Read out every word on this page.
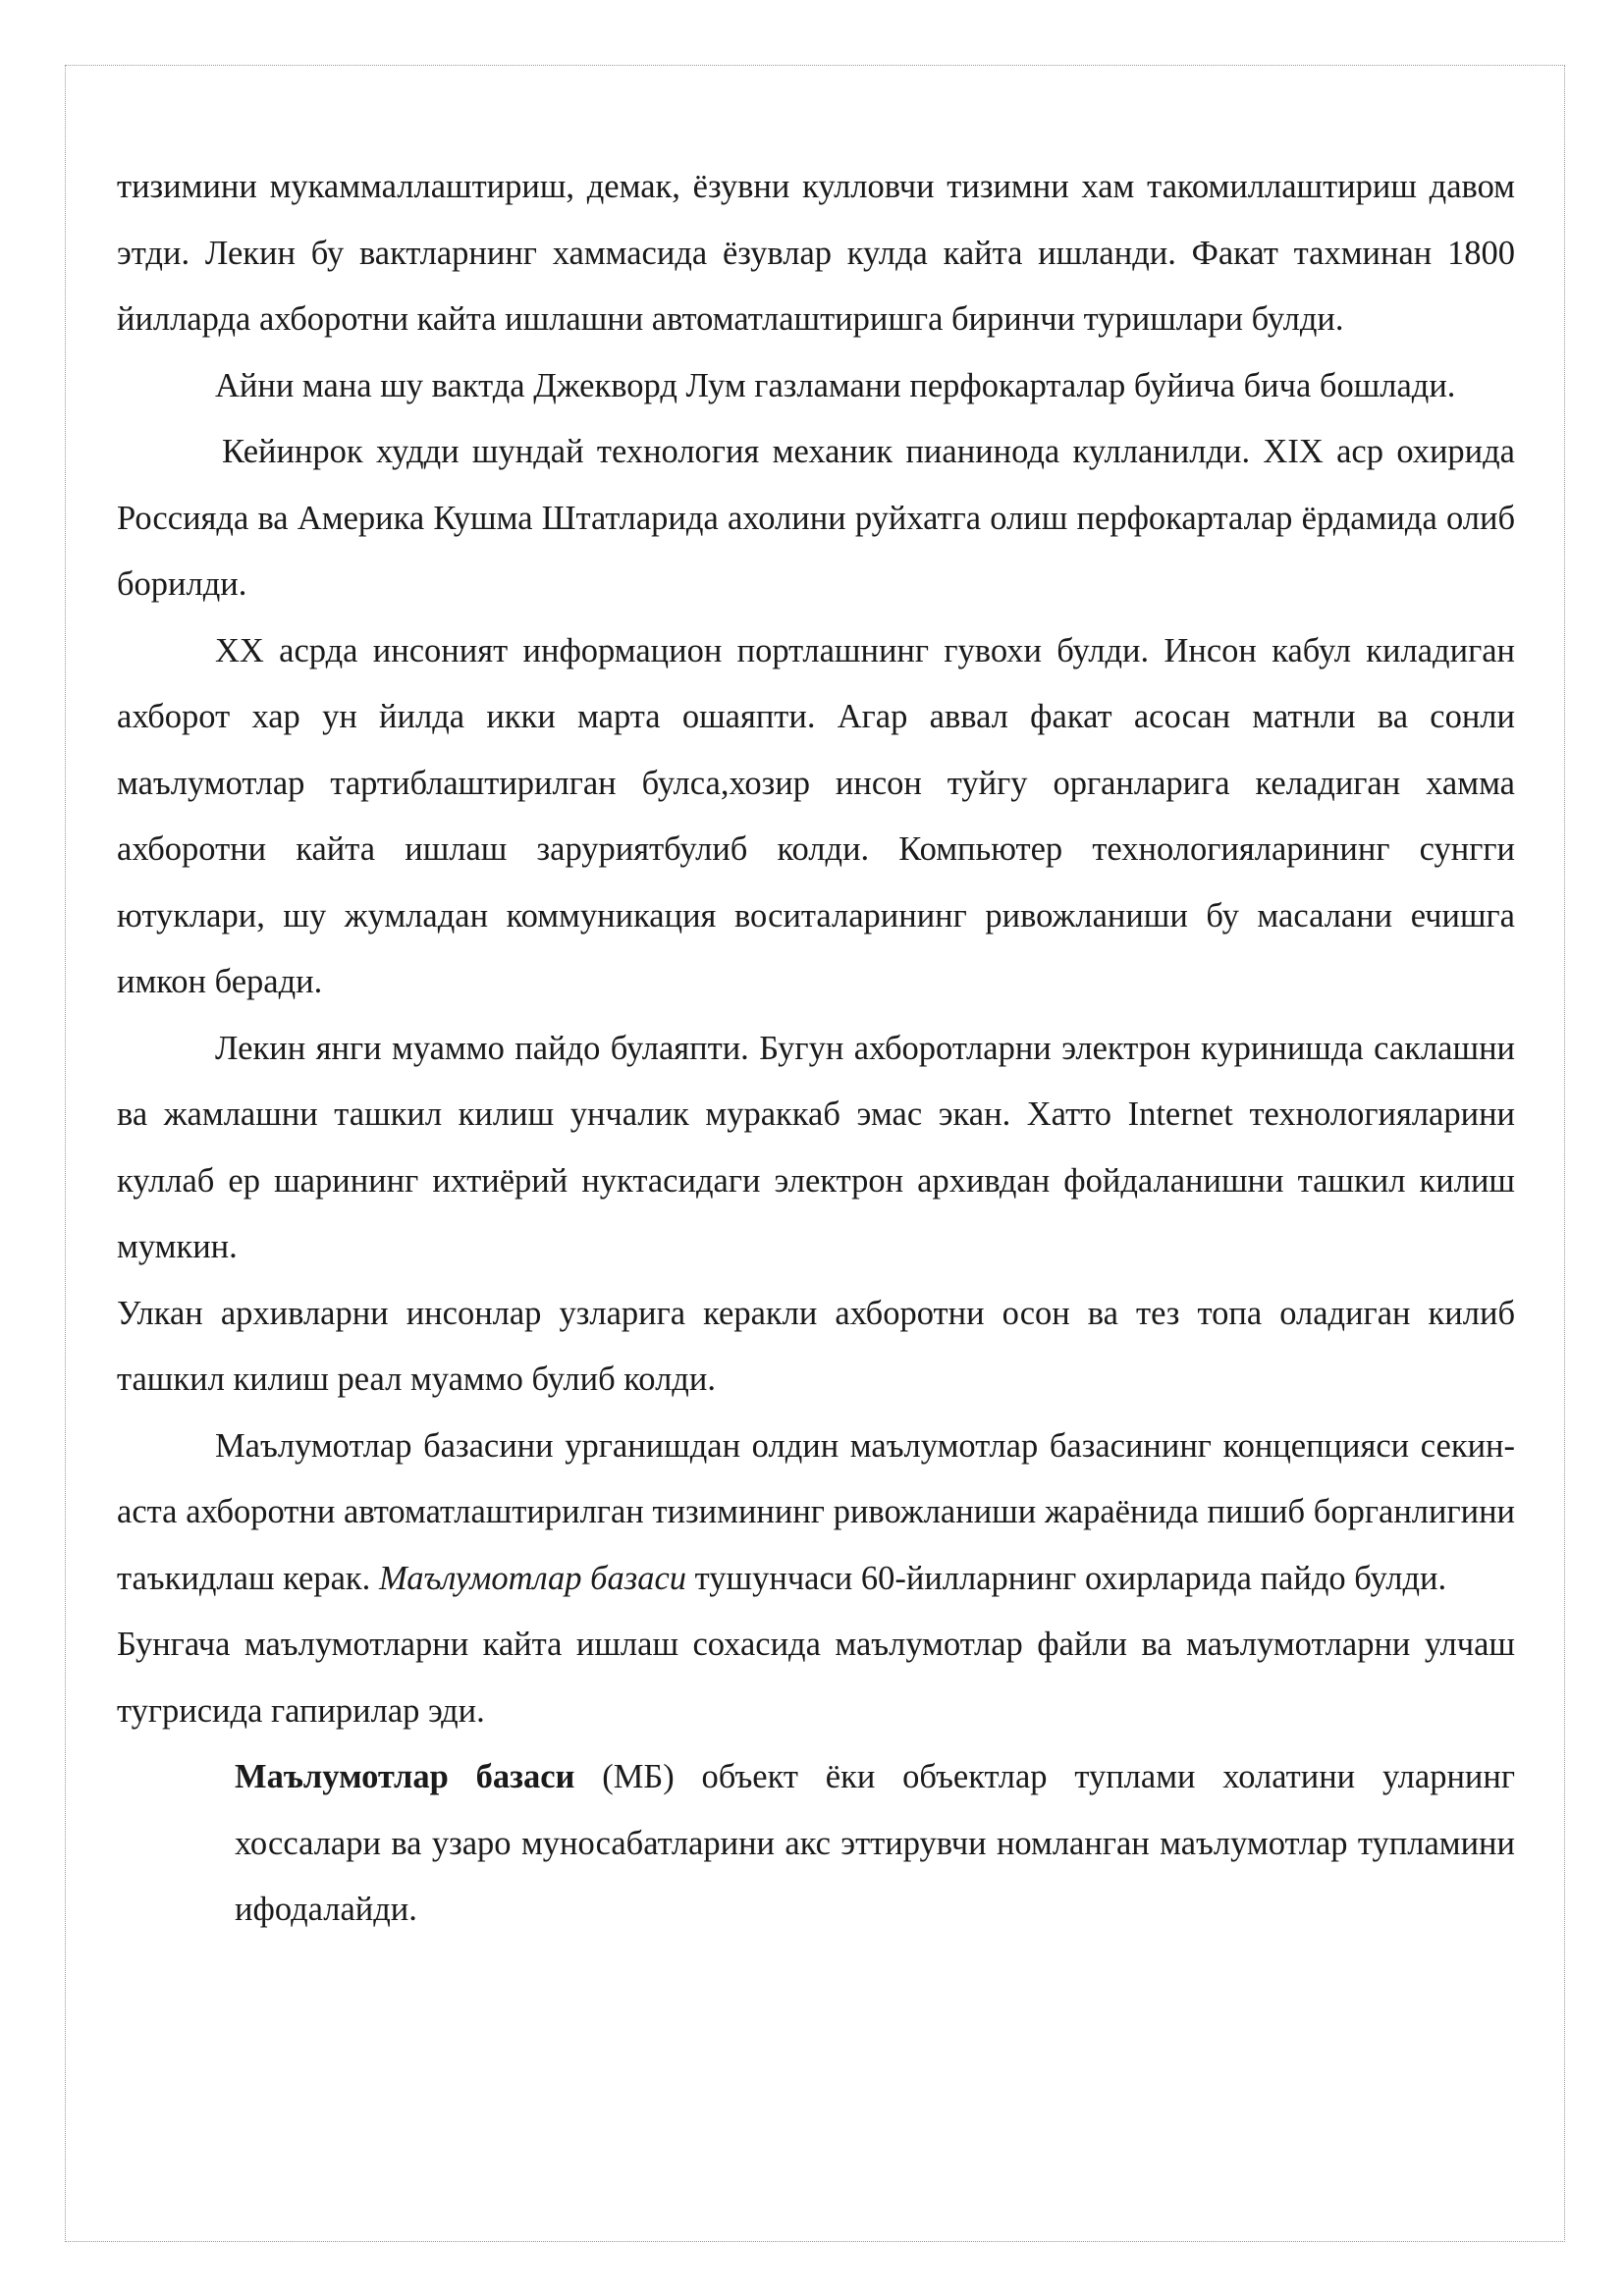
тизимини мукаммаллаштириш, демак, ёзувни кулловчи тизимни хам такомиллаштириш давом этди. Лекин бу вактларнинг хаммасида ёзувлар кулда кайта ишланди. Факат тахминан 1800 йилларда ахборотни кайта ишлашни автоматлаштиришга биринчи туришлари булди.

Айни мана шу вактда Джекворд Лум газламани перфокарталар буйича бича бошлади.

Кейинрок худди шундай технология механик пианинода кулланилди. XIX аср охирида Россияда ва Америка Кушма Штатларида ахолини руйхатга олиш перфокарталар ёрдамида олиб борилди.

XX асрда инсоният информацион портлашнинг гувохи булди. Инсон кабул киладиган ахборот хар ун йилда икки марта ошаяпти. Агар аввал факат асосан матнли ва сонли маълумотлар тартиблаштирилган булса,хозир инсон туйгу органларига келадиган хамма ахборотни кайта ишлаш заруриятбулиб колди. Компьютер технологияларининг сунгги ютуклари, шу жумладан коммуникация воситаларининг ривожланиши бу масалани ечишга имкон беради.

Лекин янги муаммо пайдо булаяпти. Бугун ахборотларни электрон куринишда саклашни ва жамлашни ташкил килиш унчалик мураккаб эмас экан. Хатто Internet технологияларини куллаб ер шарининг ихтиёрий нуктасидаги электрон архивдан фойдаланишни ташкил килиш мумкин.

Улкан архивларни инсонлар узларига керакли ахборотни осон ва тез топа оладиган килиб ташкил килиш реал муаммо булиб колди.

Маълумотлар базасини урганишдан олдин маълумотлар базасининг концепцияси секин-аста ахборотни автоматлаштирилган тизимининг ривожланиши жараёнида пишиб борганлигини таъкидлаш керак. Маълумотлар базаси тушунчаси 60-йилларнинг охирларида пайдо булди.

Бунгача маълумотларни кайта ишлаш сохасида маълумотлар файли ва маълумотларни улчаш тугрисида гапирилар эди.

Маълумотлар базаси (МБ) объект ёки объектлар туплами холатини уларнинг хоссалари ва узаро муносабатларини акс эттирувчи номланган маълумотлар тупламини ифодалайди.
